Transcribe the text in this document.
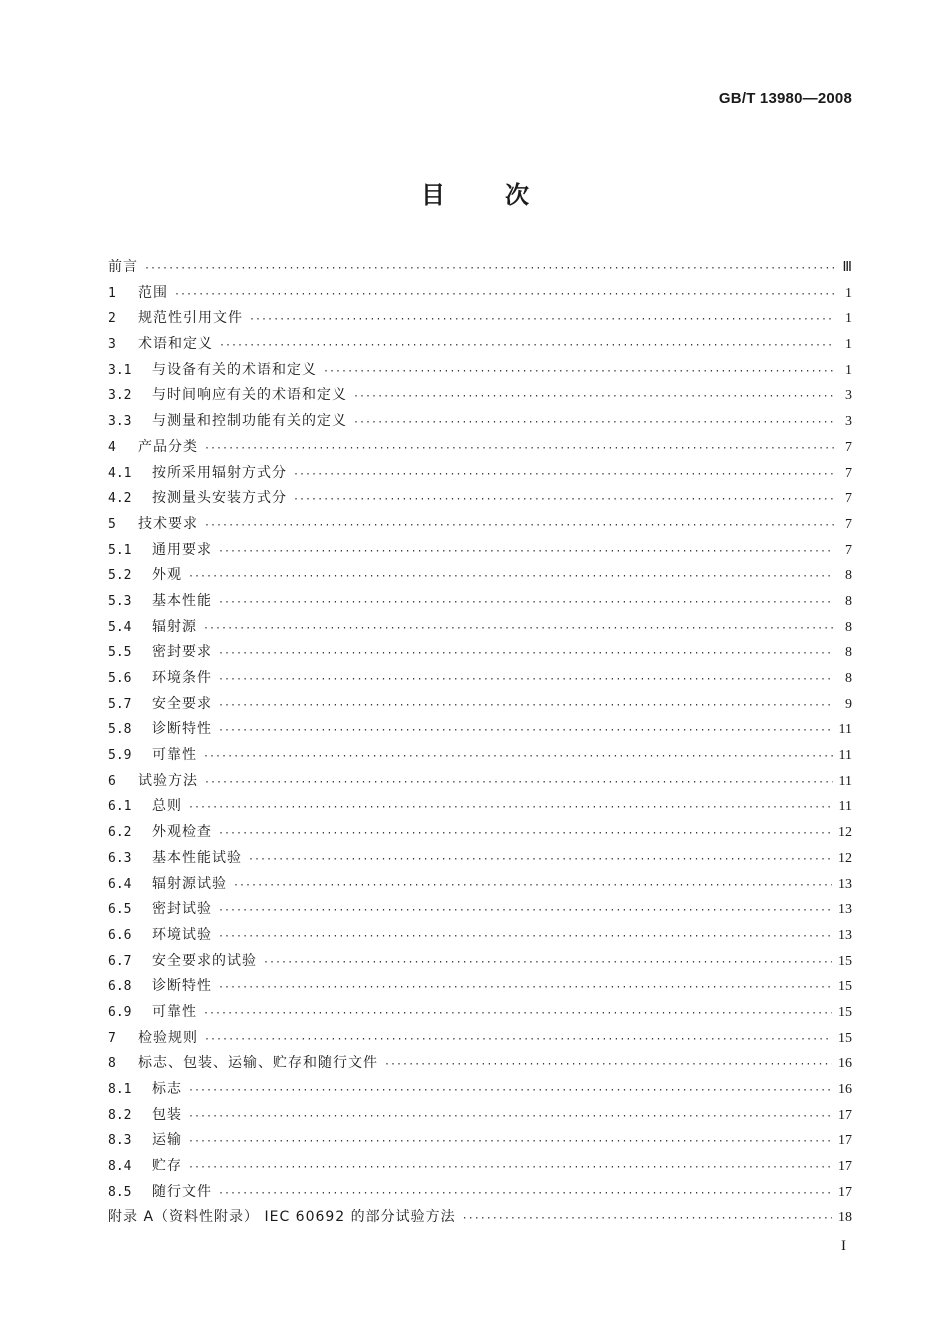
GB/T 13980—2008
目	次
前言 ·····	Ⅲ
1	范围 ·····	1
2	规范性引用文件 ·····	1
3	术语和定义 ·····	1
3.1	与设备有关的术语和定义 ·····	1
3.2	与时间响应有关的术语和定义 ·····	3
3.3	与测量和控制功能有关的定义 ·····	3
4	产品分类 ·····	7
4.1	按所采用辐射方式分 ·····	7
4.2	按测量头安装方式分 ·····	7
5	技术要求 ·····	7
5.1	通用要求 ·····	7
5.2	外观 ·····	8
5.3	基本性能 ·····	8
5.4	辐射源 ·····	8
5.5	密封要求 ·····	8
5.6	环境条件 ·····	8
5.7	安全要求 ·····	9
5.8	诊断特性 ·····	11
5.9	可靠性 ·····	11
6	试验方法 ·····	11
6.1	总则 ·····	11
6.2	外观检查 ·····	12
6.3	基本性能试验 ·····	12
6.4	辐射源试验 ·····	13
6.5	密封试验 ·····	13
6.6	环境试验 ·····	13
6.7	安全要求的试验 ·····	15
6.8	诊断特性 ·····	15
6.9	可靠性 ·····	15
7	检验规则 ·····	15
8	标志、包装、运输、贮存和随行文件 ·····	16
8.1	标志 ·····	16
8.2	包装 ·····	17
8.3	运输 ·····	17
8.4	贮存 ·····	17
8.5	随行文件 ·····	17
附录 A（资料性附录） IEC 60692 的部分试验方法 ·····	18
I
